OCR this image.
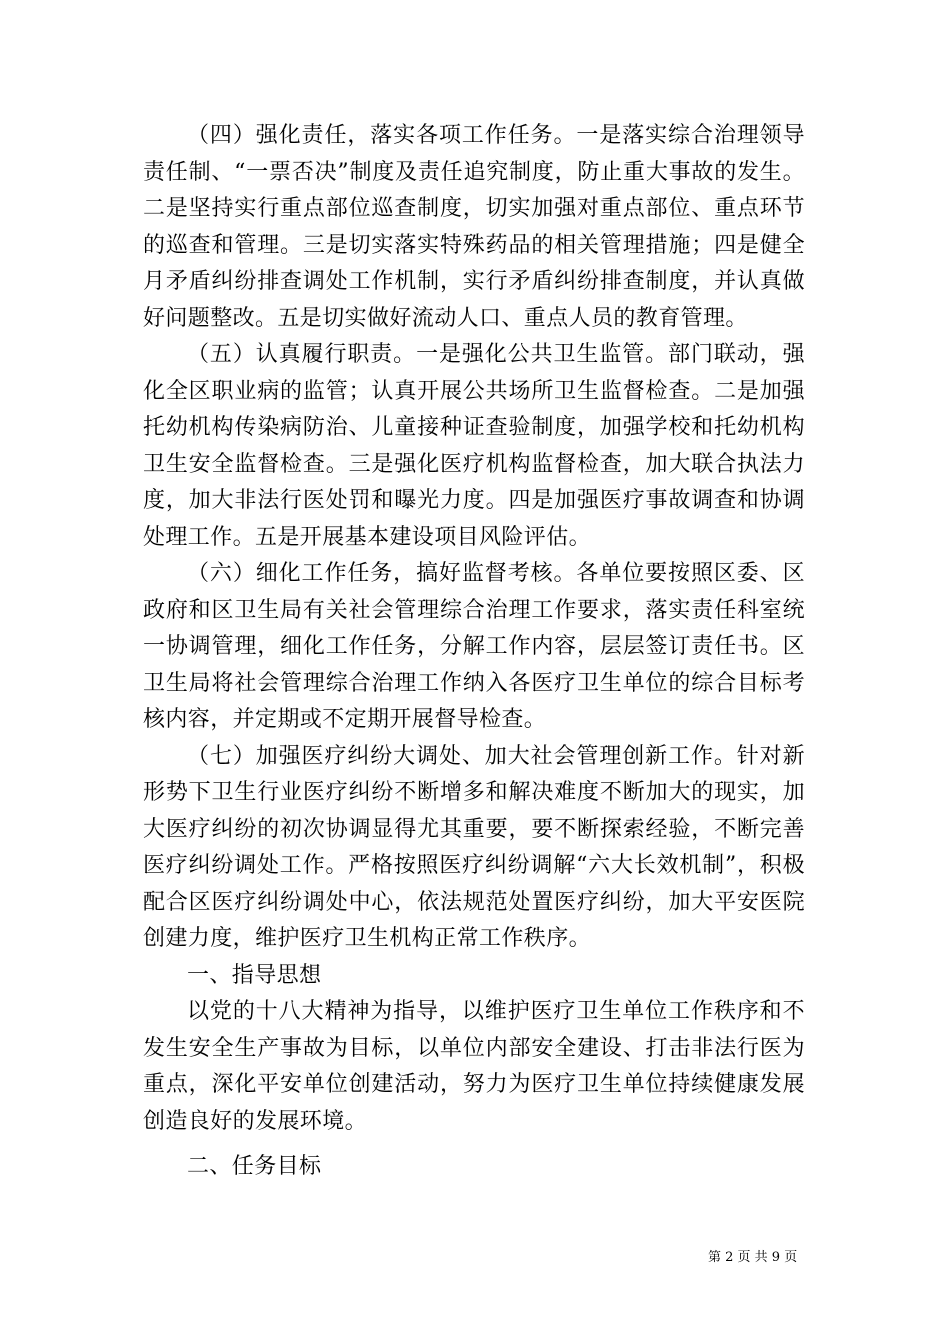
（四）强化责任，落实各项工作任务。一是落实综合治理领导责任制、“一票否决”制度及责任追究制度，防止重大事故的发生。二是坚持实行重点部位巡查制度，切实加强对重点部位、重点环节的巡查和管理。三是切实落实特殊药品的相关管理措施；四是健全月矛盾纠纷排查调处工作机制，实行矛盾纠纷排查制度，并认真做好问题整改。五是切实做好流动人口、重点人员的教育管理。

（五）认真履行职责。一是强化公共卫生监管。部门联动，强化全区职业病的监管；认真开展公共场所卫生监督检查。二是加强托幼机构传染病防治、儿童接种证查验制度，加强学校和托幼机构卫生安全监督检查。三是强化医疗机构监督检查，加大联合执法力度，加大非法行医处罚和曝光力度。四是加强医疗事故调查和协调处理工作。五是开展基本建设项目风险评估。

（六）细化工作任务，搞好监督考核。各单位要按照区委、区政府和区卫生局有关社会管理综合治理工作要求，落实责任科室统一协调管理，细化工作任务，分解工作内容，层层签订责任书。区卫生局将社会管理综合治理工作纳入各医疗卫生单位的综合目标考核内容，并定期或不定期开展督导检查。

（七）加强医疗纠纷大调处、加大社会管理创新工作。针对新形势下卫生行业医疗纠纷不断增多和解决难度不断加大的现实，加大医疗纠纷的初次协调显得尤其重要，要不断探索经验，不断完善医疗纠纷调处工作。严格按照医疗纠纷调解“六大长效机制”，积极配合区医疗纠纷调处中心，依法规范处置医疗纠纷，加大平安医院创建力度，维护医疗卫生机构正常工作秩序。

一、指导思想

以党的十八大精神为指导，以维护医疗卫生单位工作秩序和不发生安全生产事故为目标，以单位内部安全建设、打击非法行医为重点，深化平安单位创建活动，努力为医疗卫生单位持续健康发展创造良好的发展环境。

二、任务目标

第 2 页 共 9 页
